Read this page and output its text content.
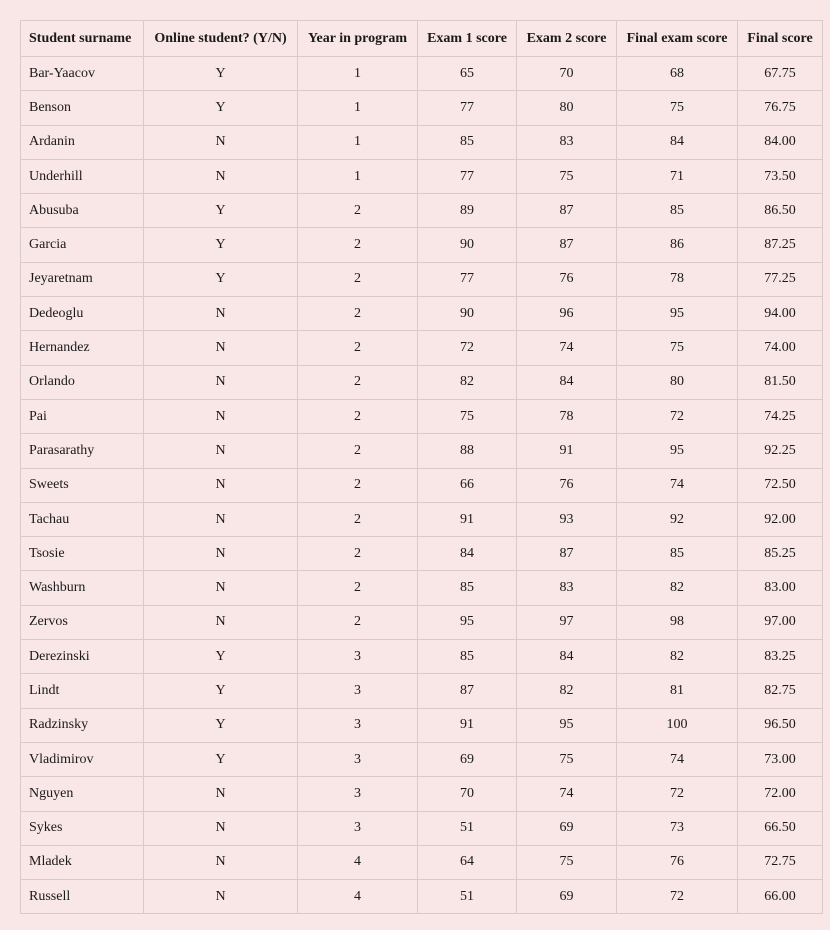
Student surname	Online student? (Y/N)	Year in program	Exam 1 score	Exam 2 score	Final exam score	Final score
Bar-Yaacov	Y	1	65	70	68	67.75
Benson	Y	1	77	80	75	76.75
Ardanin	N	1	85	83	84	84.00
Underhill	N	1	77	75	71	73.50
Abusuba	Y	2	89	87	85	86.50
Garcia	Y	2	90	87	86	87.25
Jeyaretnam	Y	2	77	76	78	77.25
Dedeoglu	N	2	90	96	95	94.00
Hernandez	N	2	72	74	75	74.00
Orlando	N	2	82	84	80	81.50
Pai	N	2	75	78	72	74.25
Parasarathy	N	2	88	91	95	92.25
Sweets	N	2	66	76	74	72.50
Tachau	N	2	91	93	92	92.00
Tsosie	N	2	84	87	85	85.25
Washburn	N	2	85	83	82	83.00
Zervos	N	2	95	97	98	97.00
Derezinski	Y	3	85	84	82	83.25
Lindt	Y	3	87	82	81	82.75
Radzinsky	Y	3	91	95	100	96.50
Vladimirov	Y	3	69	75	74	73.00
Nguyen	N	3	70	74	72	72.00
Sykes	N	3	51	69	73	66.50
Mladek	N	4	64	75	76	72.75
Russell	N	4	51	69	72	66.00
